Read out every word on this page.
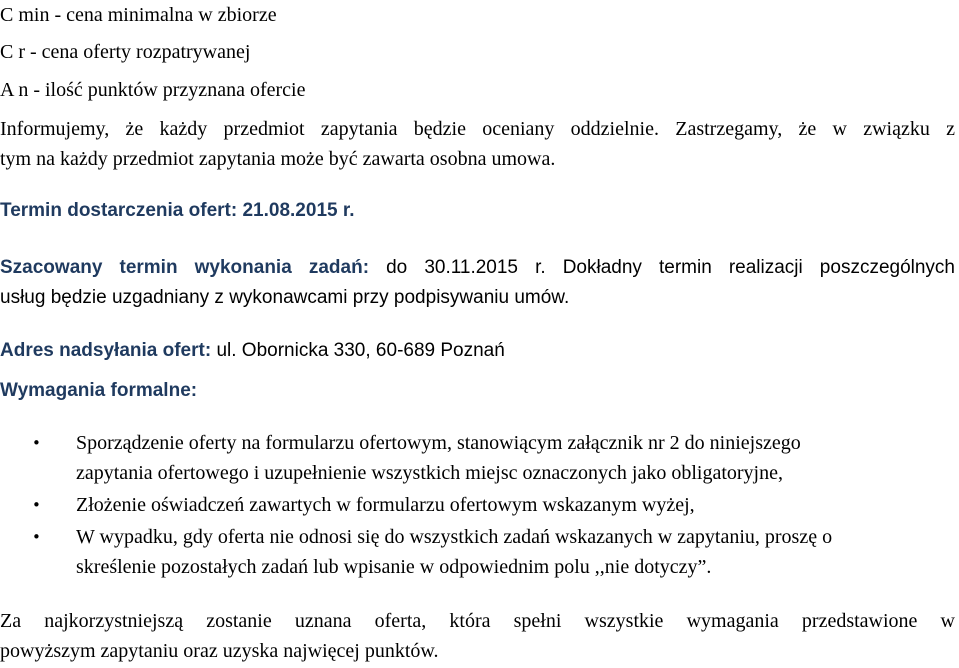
C min - cena minimalna w zbiorze

C r - cena oferty rozpatrywanej

A n - ilość punktów przyznana ofercie

Informujemy, że każdy przedmiot zapytania będzie oceniany oddzielnie. Zastrzegamy, że w związku z

tym na każdy przedmiot zapytania może być zawarta osobna umowa.

Termin dostarczenia ofert: 21.08.2015 r.

Szacowany termin wykonania zadań: do 30.11.2015 r. Dokładny termin realizacji poszczególnych

usług będzie uzgadniany z wykonawcami przy podpisywaniu umów.

Adres nadsyłania ofert: ul. Obornicka 330, 60-689 Poznań

Wymagania formalne:

• Sporządzenie oferty na formularzu ofertowym, stanowiącym załącznik nr 2 do niniejszego

zapytania ofertowego i uzupełnienie wszystkich miejsc oznaczonych jako obligatoryjne,

• Złożenie oświadczeń zawartych w formularzu ofertowym wskazanym wyżej,

• W wypadku, gdy oferta nie odnosi się do wszystkich zadań wskazanych w zapytaniu, proszę o

skreślenie pozostałych zadań lub wpisanie w odpowiednim polu ,,nie dotyczy”.

Za najkorzystniejszą zostanie uznana oferta, która spełni wszystkie wymagania przedstawione w

powyższym zapytaniu oraz uzyska najwięcej punktów.
